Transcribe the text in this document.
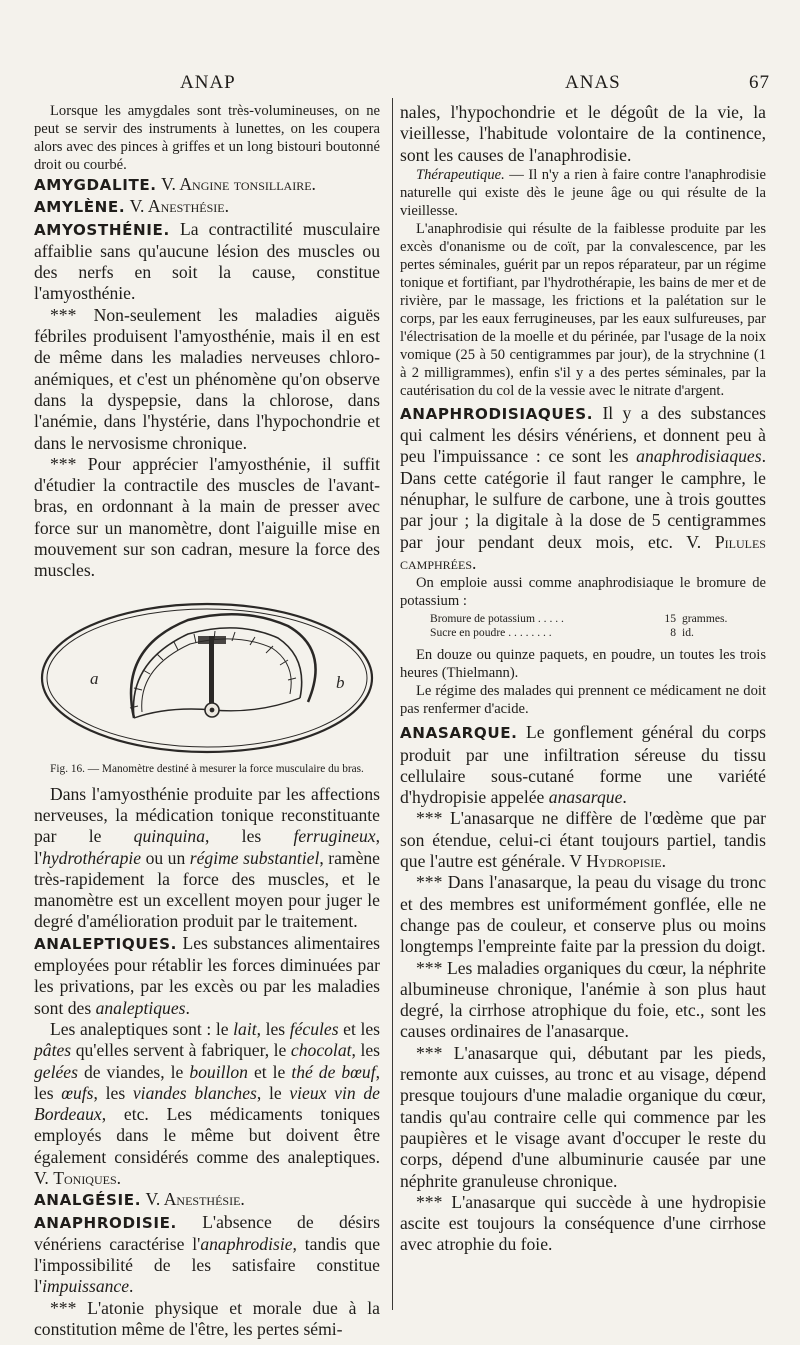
ANAP	ANAS	67

Lorsque les amygdales sont très-volumineuses, on ne peut se servir des instruments à lunettes, on les coupera alors avec des pinces à griffes et un long bistouri boutonné droit ou courbé.

AMYGDALITE. V. Angine tonsillaire.

AMYLÈNE. V. Anesthésie.

AMYOSTHÉNIE. La contractilité musculaire affaiblie sans qu'aucune lésion des muscles ou des nerfs en soit la cause, constitue l'amyosthénie.

*** Non-seulement les maladies aiguës fébriles produisent l'amyosthénie, mais il en est de même dans les maladies nerveuses chloro-anémiques, et c'est un phénomène qu'on observe dans la dyspepsie, dans la chlorose, dans l'anémie, dans l'hystérie, dans l'hypochondrie et dans le nervosisme chronique.

*** Pour apprécier l'amyosthénie, il suffit d'étudier la contractile des muscles de l'avant-bras, en ordonnant à la main de presser avec force sur un manomètre, dont l'aiguille mise en mouvement sur son cadran, mesure la force des muscles.

a	b

Fig. 16. — Manomètre destiné à mesurer la force musculaire du bras.

Dans l'amyosthénie produite par les affections nerveuses, la médication tonique reconstituante par le quinquina, les ferrugineux, l'hydrothérapie ou un régime substantiel, ramène très-rapidement la force des muscles, et le manomètre est un excellent moyen pour juger le degré d'amélioration produit par le traitement.

ANALEPTIQUES. Les substances alimentaires employées pour rétablir les forces diminuées par les privations, par les excès ou par les maladies sont des analeptiques.

Les analeptiques sont : le lait, les fécules et les pâtes qu'elles servent à fabriquer, le chocolat, les gelées de viandes, le bouillon et le thé de bœuf, les œufs, les viandes blanches, le vieux vin de Bordeaux, etc. Les médicaments toniques employés dans le même but doivent être également considérés comme des analeptiques. V. Toniques.

ANALGÉSIE. V. Anesthésie.

ANAPHRODISIE. L'absence de désirs vénériens caractérise l'anaphrodisie, tandis que l'impossibilité de les satisfaire constitue l'impuissance.

*** L'atonie physique et morale due à la constitution même de l'être, les pertes sémi-

nales, l'hypochondrie et le dégoût de la vie, la vieillesse, l'habitude volontaire de la continence, sont les causes de l'anaphrodisie.

Thérapeutique. — Il n'y a rien à faire contre l'anaphrodisie naturelle qui existe dès le jeune âge ou qui résulte de la vieillesse.

L'anaphrodisie qui résulte de la faiblesse produite par les excès d'onanisme ou de coït, par la convalescence, par les pertes séminales, guérit par un repos réparateur, par un régime tonique et fortifiant, par l'hydrothérapie, les bains de mer et de rivière, par le massage, les frictions et la palétation sur le corps, par les eaux ferrugineuses, par les eaux sulfureuses, par l'électrisation de la moelle et du périnée, par l'usage de la noix vomique (25 à 50 centigrammes par jour), de la strychnine (1 à 2 milligrammes), enfin s'il y a des pertes séminales, par la cautérisation du col de la vessie avec le nitrate d'argent.

ANAPHRODISIAQUES. Il y a des substances qui calment les désirs vénériens, et donnent peu à peu l'impuissance : ce sont les anaphrodisiaques. Dans cette catégorie il faut ranger le camphre, le nénuphar, le sulfure de carbone, une à trois gouttes par jour ; la digitale à la dose de 5 centigrammes par jour pendant deux mois, etc. V. Pilules camphrées.

On emploie aussi comme anaphrodisiaque le bromure de potassium :

Bromure de potassium . . . . .	15	grammes.
Sucre en poudre . . . . . . . .	8	id.

En douze ou quinze paquets, en poudre, un toutes les trois heures (Thielmann).

Le régime des malades qui prennent ce médicament ne doit pas renfermer d'acide.

ANASARQUE. Le gonflement général du corps produit par une infiltration séreuse du tissu cellulaire sous-cutané forme une variété d'hydropisie appelée anasarque.

*** L'anasarque ne diffère de l'œdème que par son étendue, celui-ci étant toujours partiel, tandis que l'autre est générale. V Hydropisie.

*** Dans l'anasarque, la peau du visage du tronc et des membres est uniformément gonflée, elle ne change pas de couleur, et conserve plus ou moins longtemps l'empreinte faite par la pression du doigt.

*** Les maladies organiques du cœur, la néphrite albumineuse chronique, l'anémie à son plus haut degré, la cirrhose atrophique du foie, etc., sont les causes ordinaires de l'anasarque.

*** L'anasarque qui, débutant par les pieds, remonte aux cuisses, au tronc et au visage, dépend presque toujours d'une maladie organique du cœur, tandis qu'au contraire celle qui commence par les paupières et le visage avant d'occuper le reste du corps, dépend d'une albuminurie causée par une néphrite granuleuse chronique.

*** L'anasarque qui succède à une hydropisie ascite est toujours la conséquence d'une cirrhose avec atrophie du foie.
